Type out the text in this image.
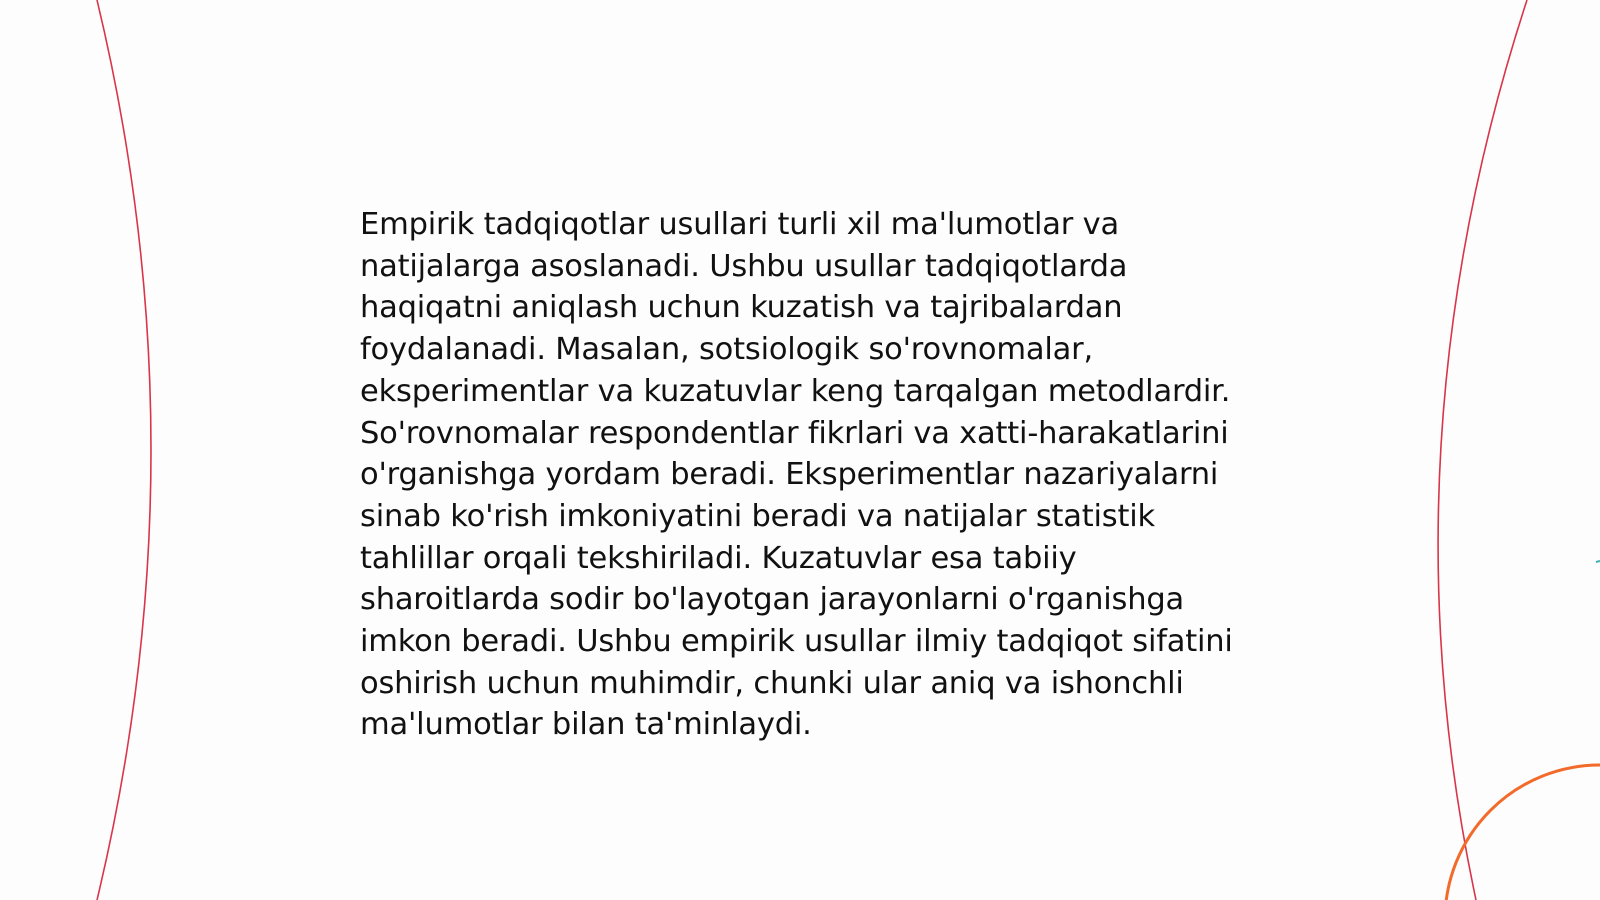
Empirik tadqiqotlar usullari turli xil ma'lumotlar va natijalarga asoslanadi. Ushbu usullar tadqiqotlarda haqiqatni aniqlash uchun kuzatish va tajribalardan foydalanadi. Masalan, sotsiologik so'rovnomalar, eksperimentlar va kuzatuvlar keng tarqalgan metodlardir. So'rovnomalar respondentlar fikrlari va xatti-harakatlarini o'rganishga yordam beradi. Eksperimentlar nazariyalarni sinab ko'rish imkoniyatini beradi va natijalar statistik tahlillar orqali tekshiriladi. Kuzatuvlar esa tabiiy sharoitlarda sodir bo'layotgan jarayonlarni o'rganishga imkon beradi. Ushbu empirik usullar ilmiy tadqiqot sifatini oshirish uchun muhimdir, chunki ular aniq va ishonchli ma'lumotlar bilan ta'minlaydi.
